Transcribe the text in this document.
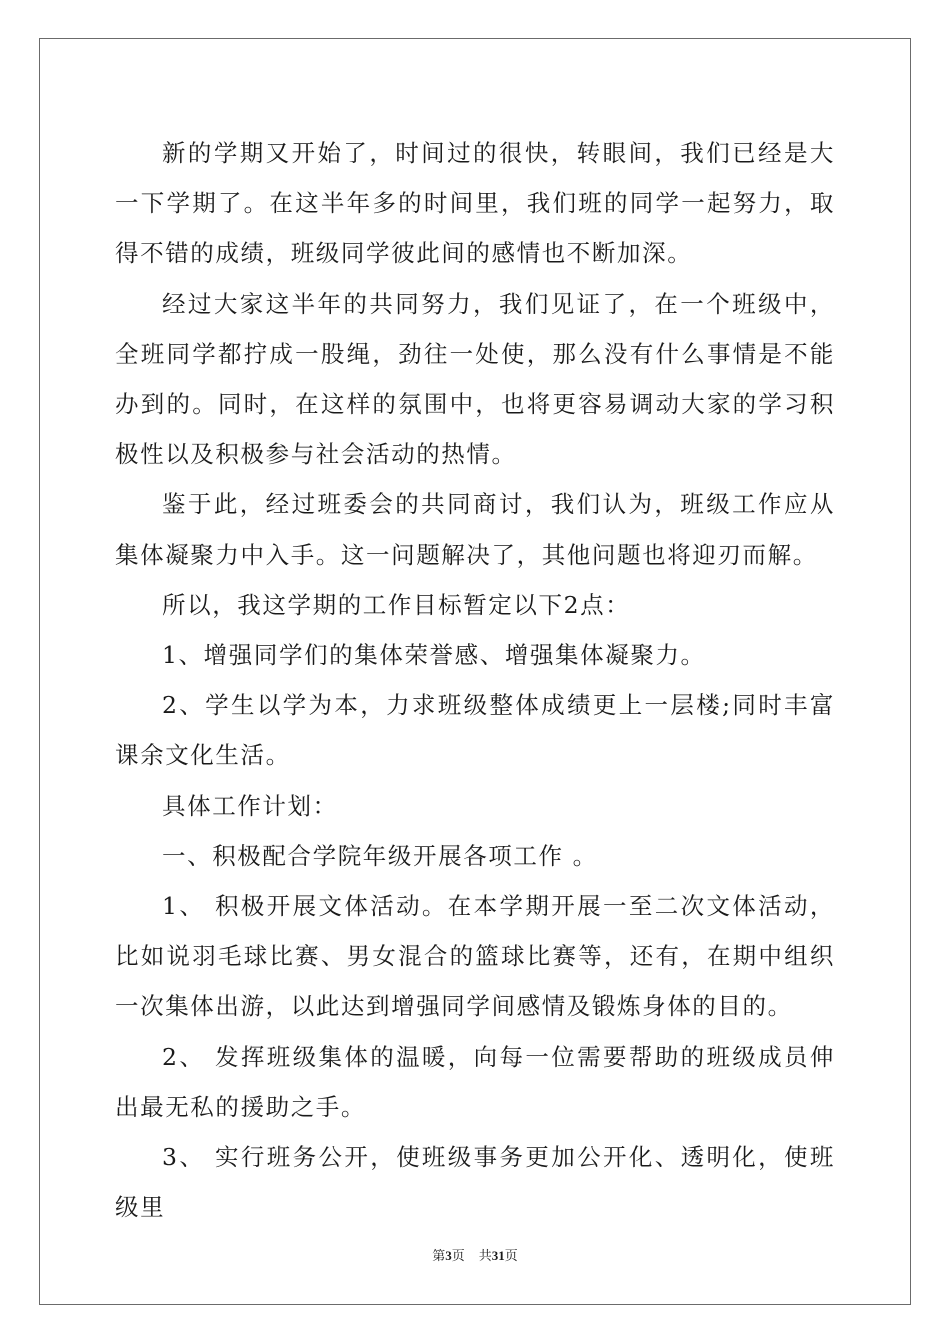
新的学期又开始了，时间过的很快，转眼间，我们已经是大一下学期了。在这半年多的时间里，我们班的同学一起努力，取得不错的成绩，班级同学彼此间的感情也不断加深。

经过大家这半年的共同努力，我们见证了，在一个班级中，全班同学都拧成一股绳，劲往一处使，那么没有什么事情是不能办到的。同时，在这样的氛围中，也将更容易调动大家的学习积极性以及积极参与社会活动的热情。

鉴于此，经过班委会的共同商讨，我们认为，班级工作应从集体凝聚力中入手。这一问题解决了，其他问题也将迎刃而解。

所以，我这学期的工作目标暂定以下2点：

1、增强同学们的集体荣誉感、增强集体凝聚力。

2、学生以学为本，力求班级整体成绩更上一层楼;同时丰富课余文化生活。

具体工作计划：

一、积极配合学院年级开展各项工作 。

1、 积极开展文体活动。在本学期开展一至二次文体活动，比如说羽毛球比赛、男女混合的篮球比赛等，还有，在期中组织一次集体出游，以此达到增强同学间感情及锻炼身体的目的。

2、 发挥班级集体的温暖，向每一位需要帮助的班级成员伸出最无私的援助之手。

3、 实行班务公开，使班级事务更加公开化、透明化，使班级里

第3页 共31页
